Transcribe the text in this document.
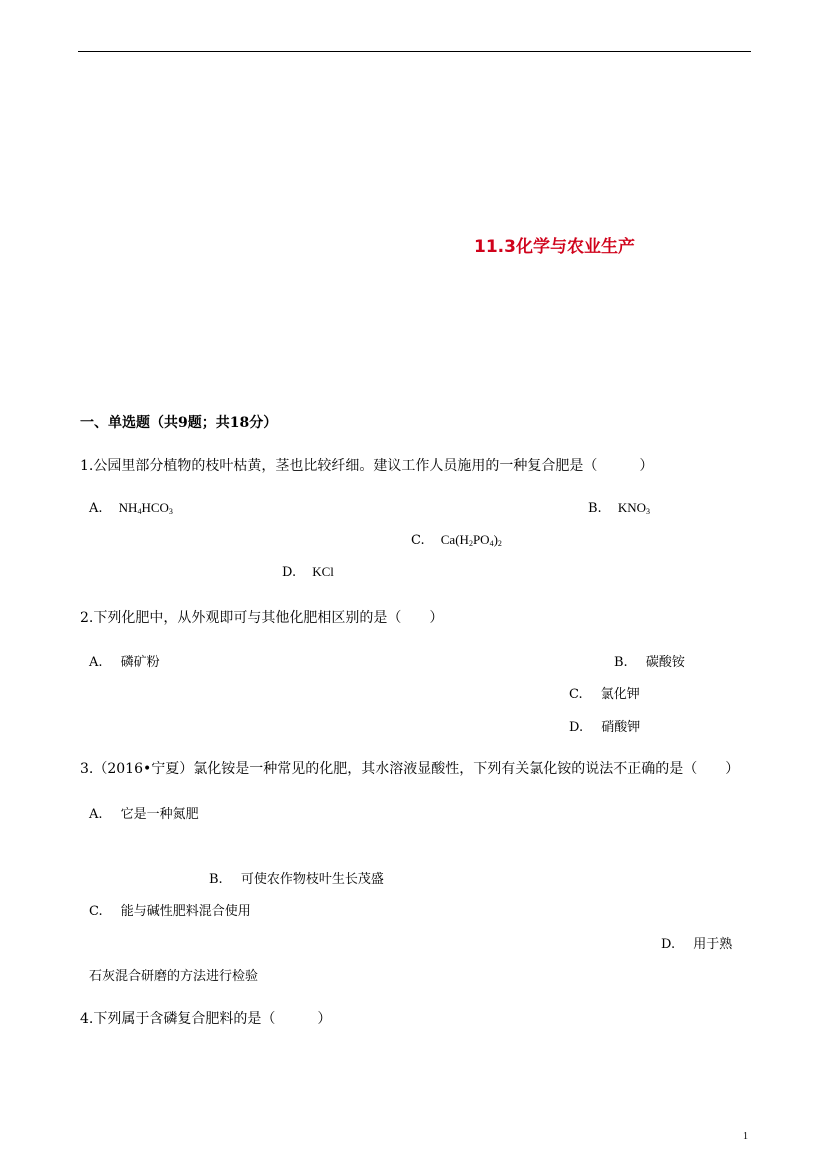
11.3化学与农业生产
一、单选题（共9题；共18分）
1.公园里部分植物的枝叶枯黄，茎也比较纤细。建议工作人员施用的一种复合肥是（　　　）
A. $NH_4HCO_3$	B. $KNO_3$
C. $Ca(H_2PO_4)_2$
D. KCl
2.下列化肥中，从外观即可与其他化肥相区别的是（　　）
A. 磷矿粉	B. 碳酸铵
C. 氯化钾
D. 硝酸钾
3.（2016•宁夏）氯化铵是一种常见的化肥，其水溶液显酸性，下列有关氯化铵的说法不正确的是（　　）
A. 它是一种氮肥
B. 可使农作物枝叶生长茂盛
C. 能与碱性肥料混合使用
D. 用于熟
石灰混合研磨的方法进行检验
4.下列属于含磷复合肥料的是（　　　）
1
